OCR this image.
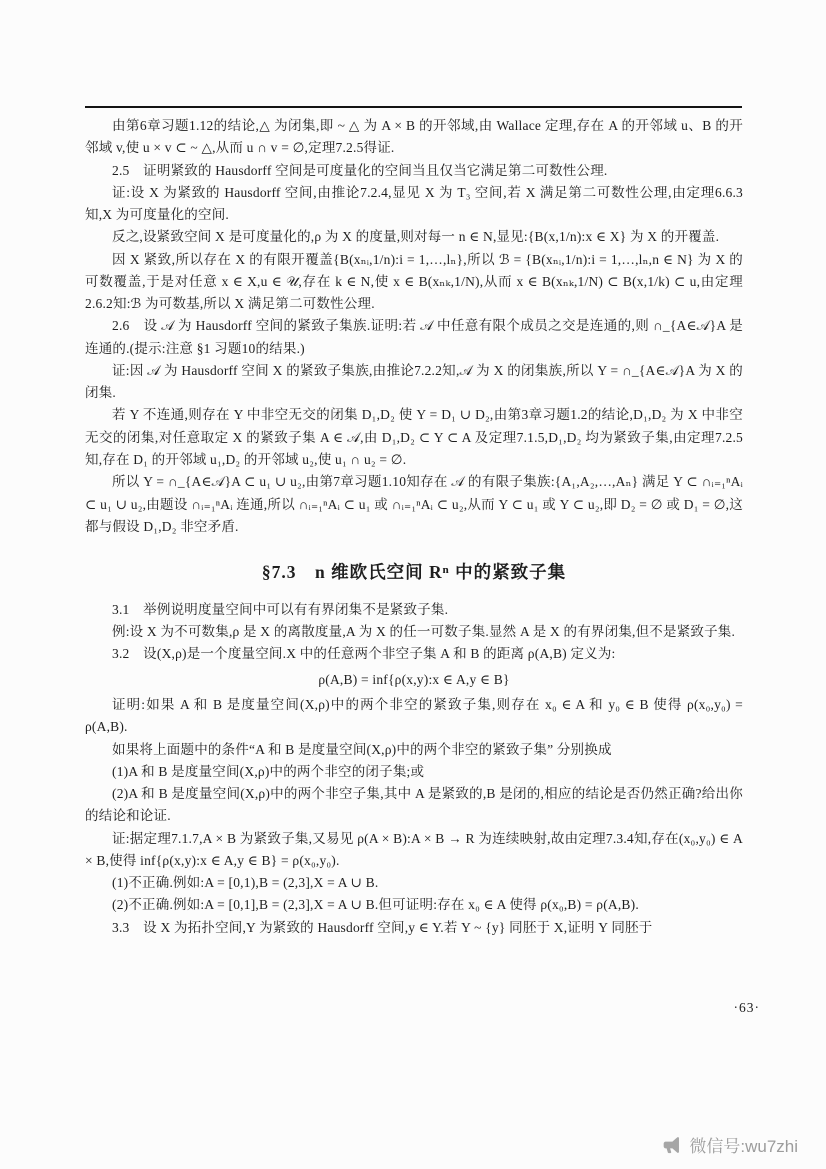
由第6章习题1.12的结论,△ 为闭集,即 ~ △ 为 A × B 的开邻域,由 Wallace 定理,存在 A 的开邻域 u、B 的开邻域 v,使 u × v ⊂ ~ △,从而 u ∩ v = ∅,定理7.2.5得证.

2.5　证明紧致的 Hausdorff 空间是可度量化的空间当且仅当它满足第二可数性公理.

证:设 X 为紧致的 Hausdorff 空间,由推论7.2.4,显见 X 为 T₃ 空间,若 X 满足第二可数性公理,由定理6.6.3知,X 为可度量化的空间.

反之,设紧致空间 X 是可度量化的,ρ 为 X 的度量,则对每一 n ∈ N,显见:{B(x,1/n):x ∈ X} 为 X 的开覆盖.

因 X 紧致,所以存在 X 的有限开覆盖{B(xₙᵢ,1/n):i = 1,…,lₙ},所以 ℬ = {B(xₙᵢ,1/n):i = 1,…,lₙ,n ∈ N} 为 X 的可数覆盖,于是对任意 x ∈ X,u ∈ 𝒰,存在 k ∈ N,使 x ∈ B(xₙₖ,1/N),从而 x ∈ B(xₙₖ,1/N) ⊂ B(x,1/k) ⊂ u,由定理2.6.2知:ℬ 为可数基,所以 X 满足第二可数性公理.

2.6　设 𝒜 为 Hausdorff 空间的紧致子集族.证明:若 𝒜 中任意有限个成员之交是连通的,则 ∩_{A∈𝒜}A 是连通的.(提示:注意 §1 习题10的结果.)

证:因 𝒜 为 Hausdorff 空间 X 的紧致子集族,由推论7.2.2知,𝒜 为 X 的闭集族,所以 Y = ∩_{A∈𝒜}A 为 X 的闭集.

若 Y 不连通,则存在 Y 中非空无交的闭集 D₁,D₂ 使 Y = D₁ ∪ D₂,由第3章习题1.2的结论,D₁,D₂ 为 X 中非空无交的闭集,对任意取定 X 的紧致子集 A ∈ 𝒜,由 D₁,D₂ ⊂ Y ⊂ A 及定理7.1.5,D₁,D₂ 均为紧致子集,由定理7.2.5知,存在 D₁ 的开邻域 u₁,D₂ 的开邻域 u₂,使 u₁ ∩ u₂ = ∅.

所以 Y = ∩_{A∈𝒜}A ⊂ u₁ ∪ u₂,由第7章习题1.10知存在 𝒜 的有限子集族:{A₁,A₂,…,Aₙ} 满足 Y ⊂ ∩ᵢ₌₁ⁿAᵢ ⊂ u₁ ∪ u₂,由题设 ∩ᵢ₌₁ⁿAᵢ 连通,所以 ∩ᵢ₌₁ⁿAᵢ ⊂ u₁ 或 ∩ᵢ₌₁ⁿAᵢ ⊂ u₂,从而 Y ⊂ u₁ 或 Y ⊂ u₂,即 D₂ = ∅ 或 D₁ = ∅,这都与假设 D₁,D₂ 非空矛盾.

§7.3　n 维欧氏空间 Rⁿ 中的紧致子集

3.1　举例说明度量空间中可以有有界闭集不是紧致子集.

例:设 X 为不可数集,ρ 是 X 的离散度量,A 为 X 的任一可数子集.显然 A 是 X 的有界闭集,但不是紧致子集.

3.2　设(X,ρ)是一个度量空间.X 中的任意两个非空子集 A 和 B 的距离 ρ(A,B) 定义为:

ρ(A,B) = inf{ρ(x,y):x ∈ A,y ∈ B}

证明:如果 A 和 B 是度量空间(X,ρ)中的两个非空的紧致子集,则存在 x₀ ∈ A 和 y₀ ∈ B 使得 ρ(x₀,y₀) = ρ(A,B).

如果将上面题中的条件“A 和 B 是度量空间(X,ρ)中的两个非空的紧致子集” 分别换成

(1)A 和 B 是度量空间(X,ρ)中的两个非空的闭子集;或

(2)A 和 B 是度量空间(X,ρ)中的两个非空子集,其中 A 是紧致的,B 是闭的,相应的结论是否仍然正确?给出你的结论和论证.

证:据定理7.1.7,A × B 为紧致子集,又易见 ρ(A × B):A × B → R 为连续映射,故由定理7.3.4知,存在(x₀,y₀) ∈ A × B,使得 inf{ρ(x,y):x ∈ A,y ∈ B} = ρ(x₀,y₀).

(1)不正确.例如:A = [0,1),B = (2,3],X = A ∪ B.

(2)不正确.例如:A = [0,1],B = (2,3],X = A ∪ B.但可证明:存在 x₀ ∈ A 使得 ρ(x₀,B) = ρ(A,B).

3.3　设 X 为拓扑空间,Y 为紧致的 Hausdorff 空间,y ∈ Y.若 Y ~ {y} 同胚于 X,证明 Y 同胚于

·63·
微信号:wu7zhi
